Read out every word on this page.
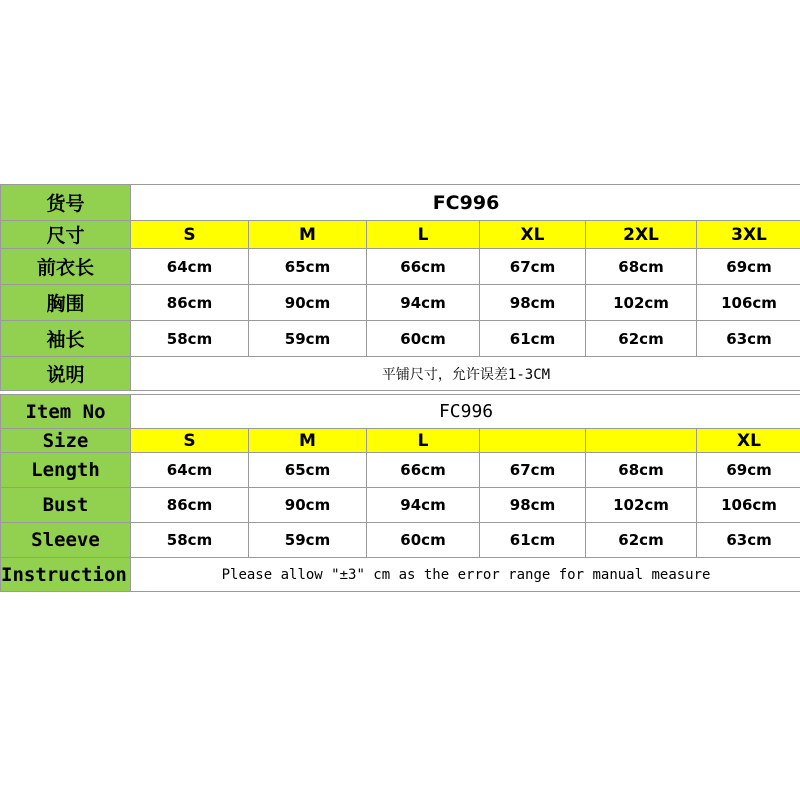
货号	FC996					
尺寸	S	M	L	XL	2XL	3XL
前衣长	64cm	65cm	66cm	67cm	68cm	69cm
胸围	86cm	90cm	94cm	98cm	102cm	106cm
袖长	58cm	59cm	60cm	61cm	62cm	63cm
说明	平铺尺寸，允许误差1-3CM					
Item No	FC996					
Size	S	M	L			XL
Length	64cm	65cm	66cm	67cm	68cm	69cm
Bust	86cm	90cm	94cm	98cm	102cm	106cm
Sleeve	58cm	59cm	60cm	61cm	62cm	63cm
Instruction	Please allow "±3" cm as the error range for manual measure					
